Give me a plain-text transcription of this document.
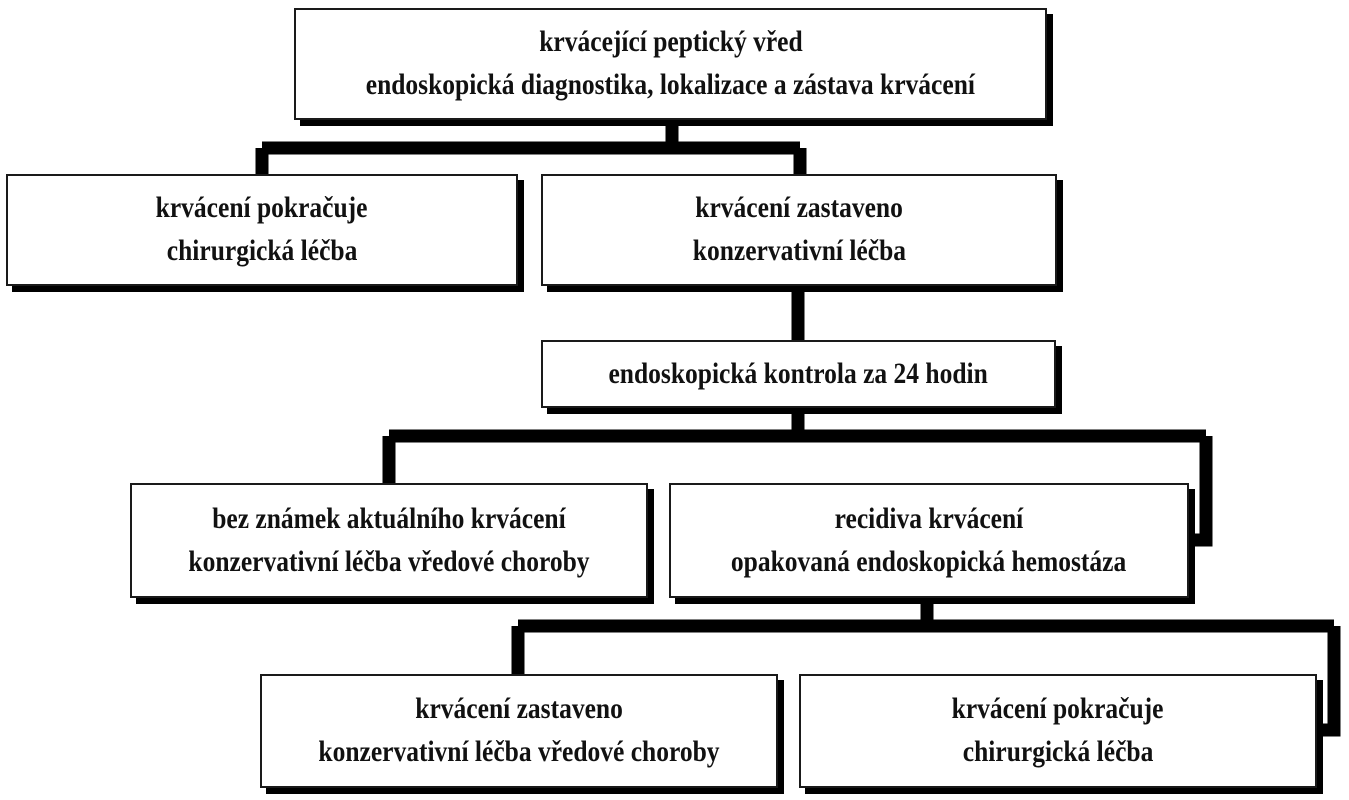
krvácející peptický vřed
endoskopická diagnostika, lokalizace a zástava krvácení
krvácení pokračuje
chirurgická léčba
krvácení zastaveno
konzervativní léčba
endoskopická kontrola za 24 hodin
bez známek aktuálního krvácení
konzervativní léčba vředové choroby
recidiva krvácení
opakovaná endoskopická hemostáza
krvácení zastaveno
konzervativní léčba vředové choroby
krvácení pokračuje
chirurgická léčba
